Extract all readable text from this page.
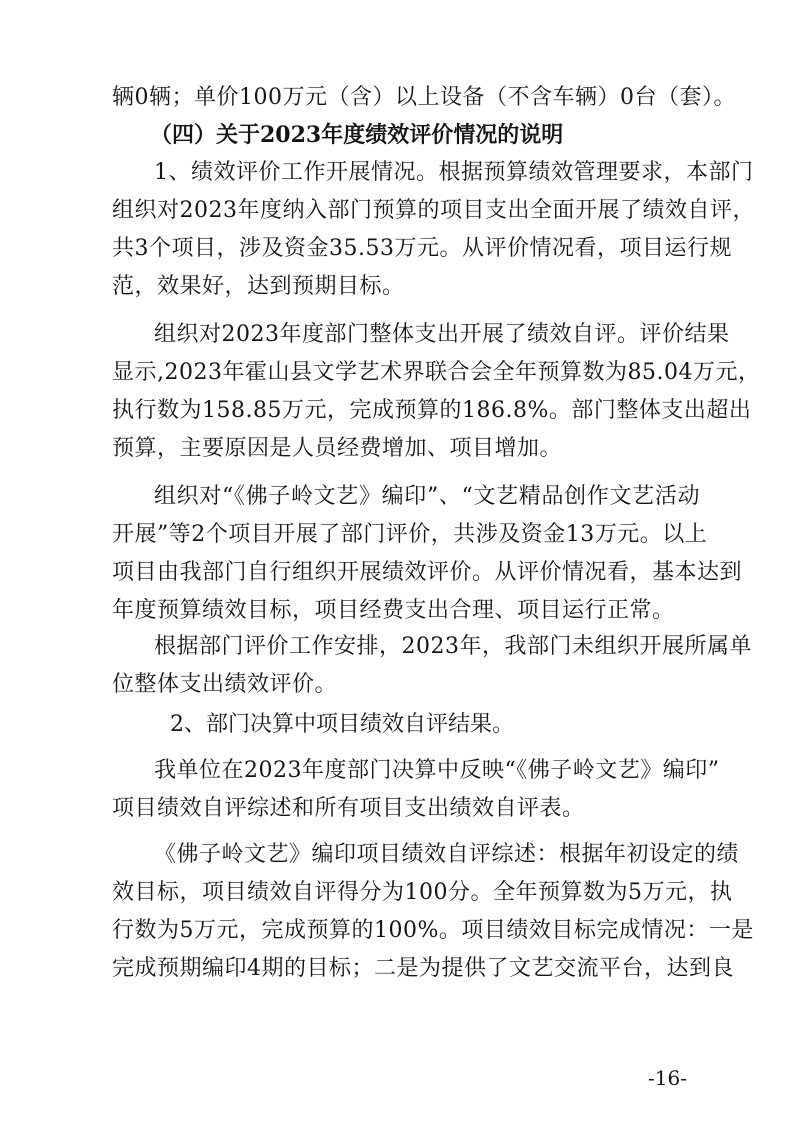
辆0辆；单价100万元（含）以上设备（不含车辆）0台（套）。
（四）关于2023年度绩效评价情况的说明
1、绩效评价工作开展情况。根据预算绩效管理要求，本部门
组织对2023年度纳入部门预算的项目支出全面开展了绩效自评，
共3个项目，涉及资金35.53万元。从评价情况看，项目运行规
范，效果好，达到预期目标。
组织对2023年度部门整体支出开展了绩效自评。评价结果
显示,2023年霍山县文学艺术界联合会全年预算数为85.04万元，
执行数为158.85万元，完成预算的186.8%。部门整体支出超出
预算，主要原因是人员经费增加、项目增加。
组织对“《佛子岭文艺》编印”、“文艺精品创作文艺活动
开展”等2个项目开展了部门评价，共涉及资金13万元。以上
项目由我部门自行组织开展绩效评价。从评价情况看，基本达到
年度预算绩效目标，项目经费支出合理、项目运行正常。
根据部门评价工作安排，2023年，我部门未组织开展所属单
位整体支出绩效评价。
2、部门决算中项目绩效自评结果。
我单位在2023年度部门决算中反映“《佛子岭文艺》编印”
项目绩效自评综述和所有项目支出绩效自评表。
《佛子岭文艺》编印项目绩效自评综述：根据年初设定的绩
效目标，项目绩效自评得分为100分。全年预算数为5万元，执
行数为5万元，完成预算的100%。项目绩效目标完成情况：一是
完成预期编印4期的目标；二是为提供了文艺交流平台，达到良
-16-
